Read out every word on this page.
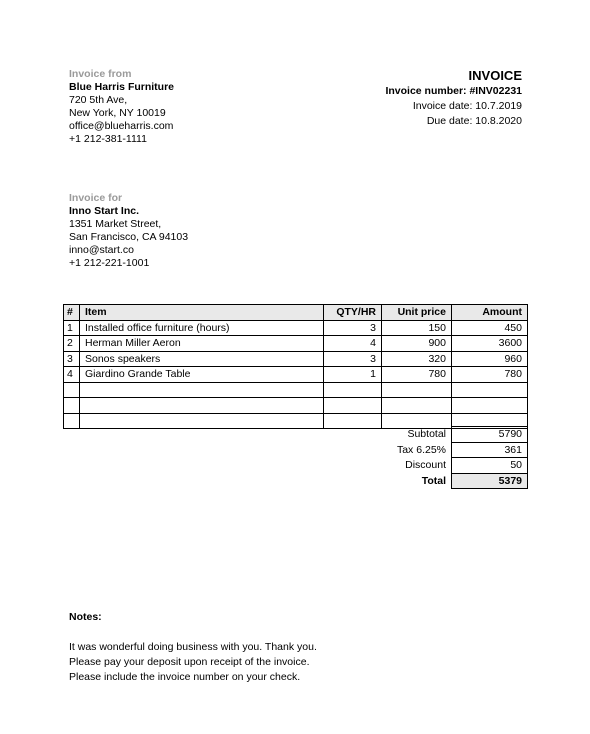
Invoice from
Blue Harris Furniture
720 5th Ave,
New York, NY 10019
office@blueharris.com
+1 212-381-1111
INVOICE
Invoice number: #INV02231
Invoice date: 10.7.2019
Due date: 10.8.2020
Invoice for
Inno Start Inc.
1351 Market Street,
San Francisco, CA 94103
inno@start.co
+1 212-221-1001
#	Item	QTY/HR	Unit price	Amount
1	Installed office furniture (hours)	3	150	450
2	Herman Miller Aeron	4	900	3600
3	Sonos speakers	3	320	960
4	Giardino Grande Table	1	780	780

Subtotal	5790
Tax 6.25%	361
Discount	50
Total	5379
Notes:
It was wonderful doing business with you. Thank you.
Please pay your deposit upon receipt of the invoice.
Please include the invoice number on your check.
